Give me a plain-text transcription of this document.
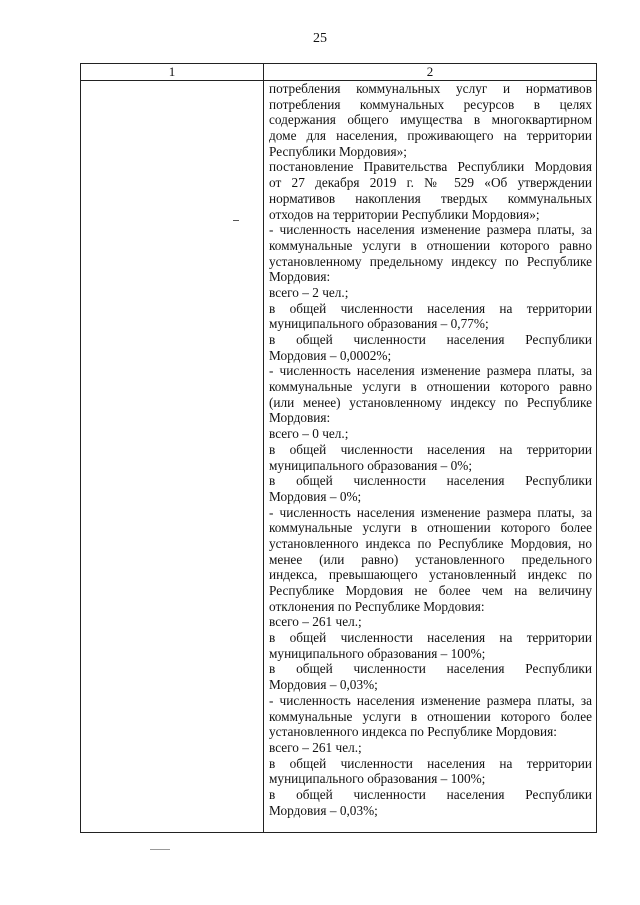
25
1	2
потребления коммунальных услуг и нормативов
потребления коммунальных ресурсов в целях
содержания общего имущества в многоквартирном
доме для населения, проживающего на территории
Республики Мордовия»;
постановление Правительства Республики Мордовия
от 27 декабря 2019 г. № 529 «Об утверждении
нормативов накопления твердых коммунальных
отходов на территории Республики Мордовия»;
- численность населения изменение размера платы, за
коммунальные услуги в отношении которого равно
установленному предельному индексу по Республике
Мордовия:
всего – 2 чел.;
в общей численности населения на территории
муниципального образования – 0,77%;
в общей численности населения Республики
Мордовия – 0,0002%;
- численность населения изменение размера платы, за
коммунальные услуги в отношении которого равно
(или менее) установленному индексу по Республике
Мордовия:
всего – 0 чел.;
в общей численности населения на территории
муниципального образования – 0%;
в общей численности населения Республики
Мордовия – 0%;
- численность населения изменение размера платы, за
коммунальные услуги в отношении которого более
установленного индекса по Республике Мордовия, но
менее (или равно) установленного предельного
индекса, превышающего установленный индекс по
Республике Мордовия не более чем на величину
отклонения по Республике Мордовия:
всего – 261 чел.;
в общей численности населения на территории
муниципального образования – 100%;
в общей численности населения Республики
Мордовия – 0,03%;
- численность населения изменение размера платы, за
коммунальные услуги в отношении которого более
установленного индекса по Республике Мордовия:
всего – 261 чел.;
в общей численности населения на территории
муниципального образования – 100%;
в общей численности населения Республики
Мордовия – 0,03%;
